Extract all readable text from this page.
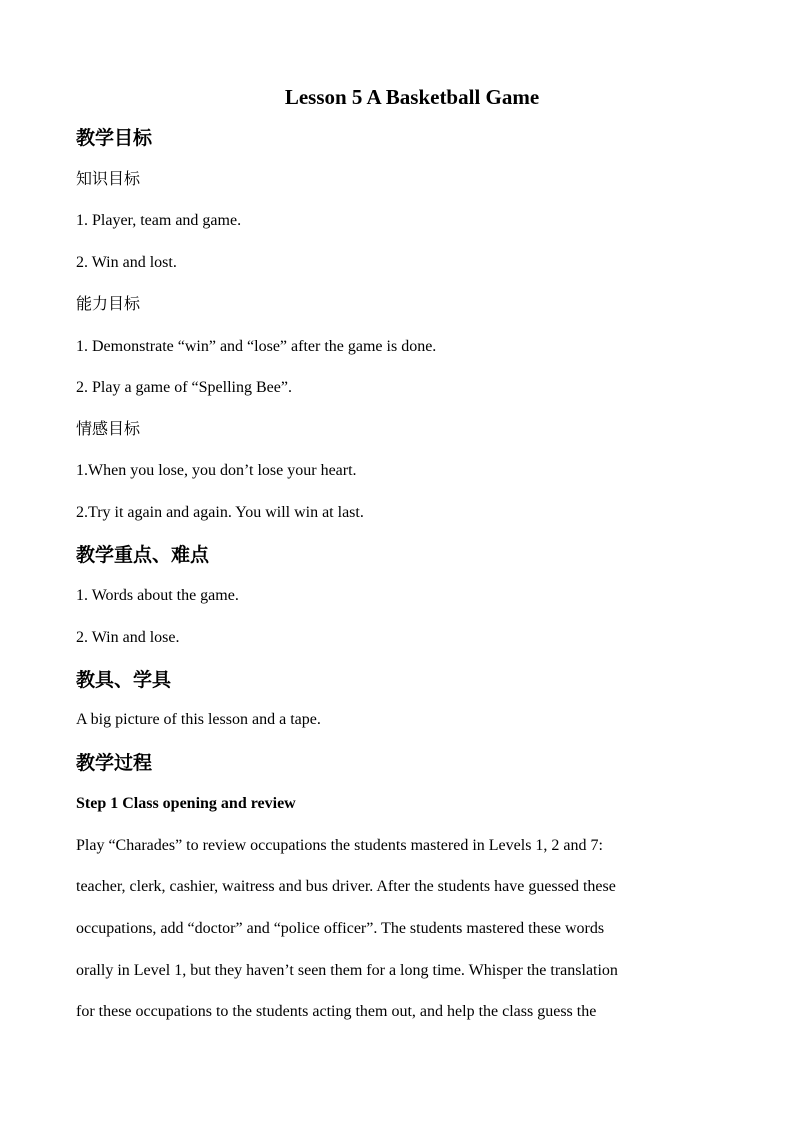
Lesson 5 A Basketball Game
教学目标
知识目标
1. Player, team and game.
2. Win and lost.
能力目标
1. Demonstrate “win” and “lose” after the game is done.
2. Play a game of “Spelling Bee”.
情感目标
1.When you lose, you don’t lose your heart.
2.Try it again and again. You will win at last.
教学重点、难点
1. Words about the game.
2. Win and lose.
教具、学具
A big picture of this lesson and a tape.
教学过程
Step 1 Class opening and review
Play “Charades” to review occupations the students mastered in Levels 1, 2 and 7:
teacher, clerk, cashier, waitress and bus driver. After the students have guessed these
occupations, add “doctor” and “police officer”. The students mastered these words
orally in Level 1, but they haven’t seen them for a long time. Whisper the translation
for these occupations to the students acting them out, and help the class guess the
